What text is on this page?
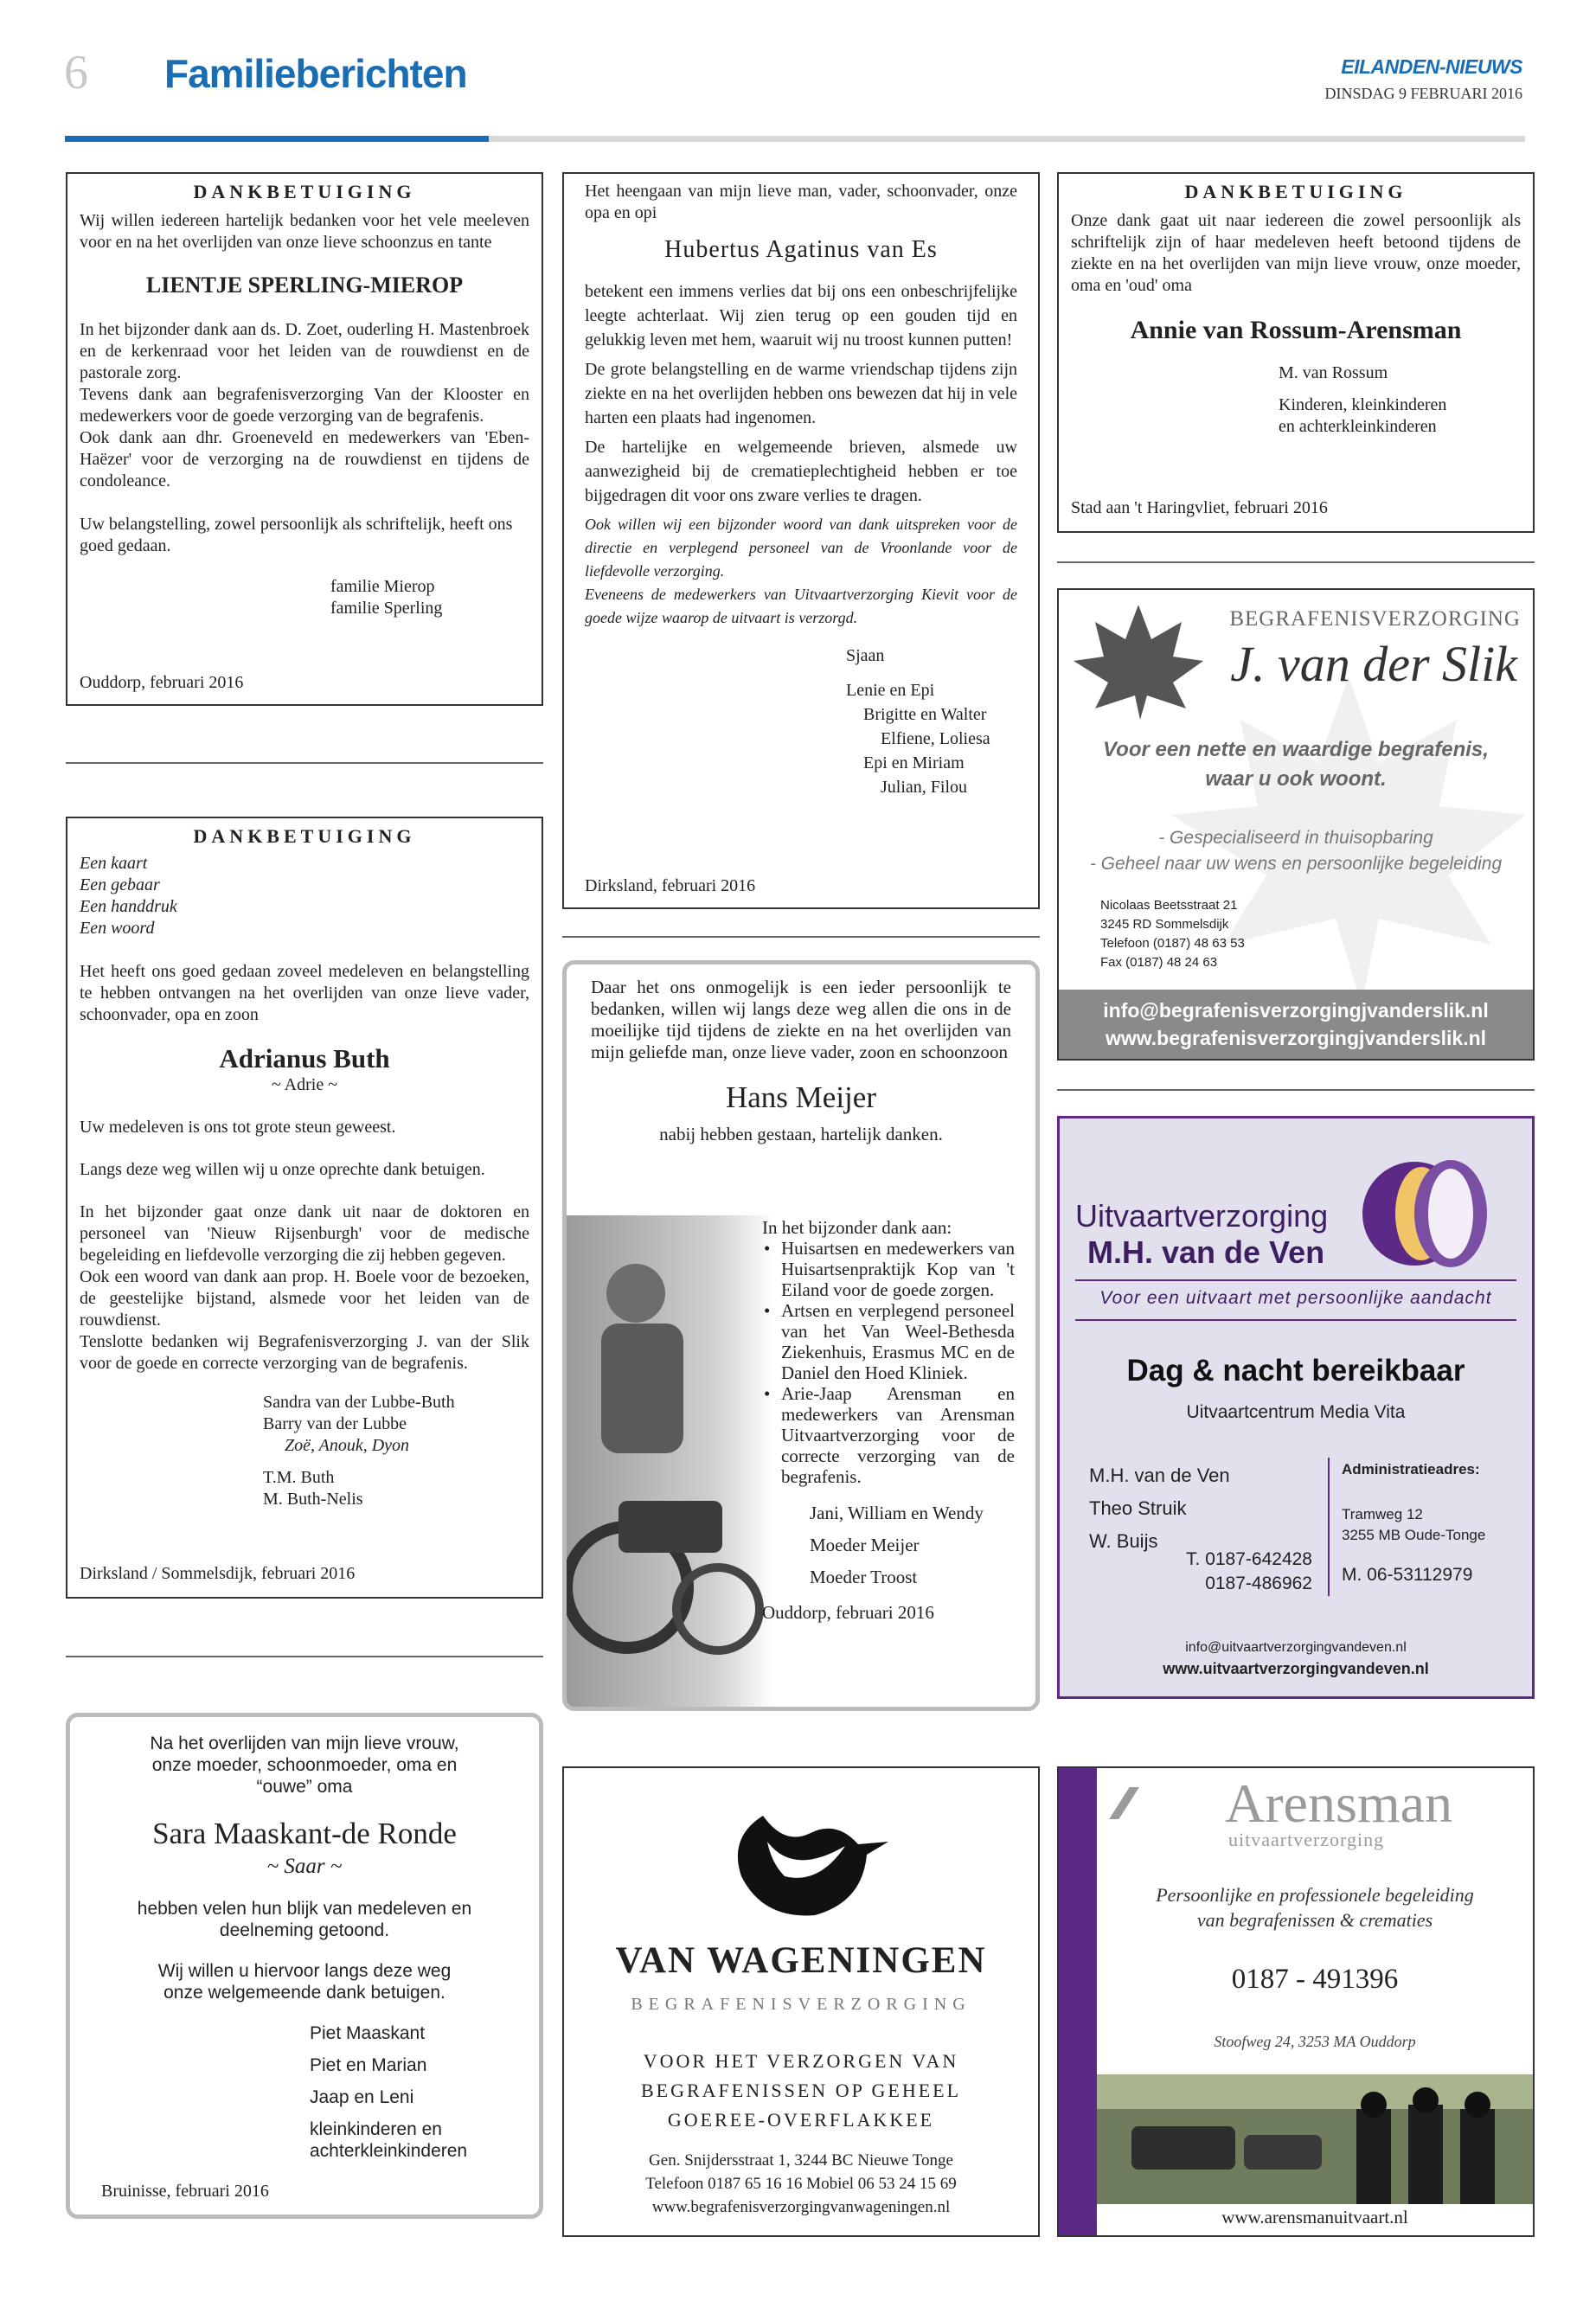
6 Familieberichten	EILANDEN-NIEUWS
DINSDAG 9 FEBRUARI 2016
DANKBETUIGING
Wij willen iedereen hartelijk bedanken voor het vele meeleven voor en na het overlijden van onze lieve schoonzus en tante
LIENTJE SPERLING-MIEROP

In het bijzonder dank aan ds. D. Zoet, ouderling H. Mastenbroek en de kerkenraad voor het leiden van de rouwdienst en de pastorale zorg.

Tevens dank aan begrafenisverzorging Van der Klooster en medewerkers voor de goede verzorging van de begrafenis.

Ook dank aan dhr. Groeneveld en medewerkers van 'Eben-Haëzer' voor de verzorging na de rouwdienst en tijdens de condoleance.

Uw belangstelling, zowel persoonlijk als schriftelijk, heeft ons goed gedaan.
familie Mierop
familie Sperling
Ouddorp, februari 2016
DANKBETUIGING
Een kaart
Een gebaar
Een handdruk
Een woord
Het heeft ons goed gedaan zoveel medeleven en belangstelling te hebben ontvangen na het overlijden van onze lieve vader, schoonvader, opa en zoon
Adrianus Buth
~ Adrie ~
Uw medeleven is ons tot grote steun geweest.
Langs deze weg willen wij u onze oprechte dank betuigen.

In het bijzonder gaat onze dank uit naar de doktoren en personeel van 'Nieuw Rijsenburgh' voor de medische begeleiding en liefdevolle verzorging die zij hebben gegeven.

Ook een woord van dank aan prop. H. Boele voor de bezoeken, de geestelijke bijstand, alsmede voor het leiden van de rouwdienst.

Tenslotte bedanken wij Begrafenisverzorging J. van der Slik voor de goede en correcte verzorging van de begrafenis.

Sandra van der Lubbe-Buth
Barry van der Lubbe
Zoë, Anouk, Dyon
T.M. Buth
M. Buth-Nelis
Dirksland / Sommelsdijk, februari 2016
Na het overlijden van mijn lieve vrouw,
onze moeder, schoonmoeder, oma en
“ouwe” oma
Sara Maaskant-de Ronde
~ Saar ~
hebben velen hun blijk van medeleven en
deelneming getoond.
Wij willen u hiervoor langs deze weg
onze welgemeende dank betuigen.
Piet Maaskant
Piet en Marian
Jaap en Leni
kleinkinderen en
achterkleinkinderen
Bruinisse, februari 2016
Het heengaan van mijn lieve man, vader, schoonvader, onze opa en opi
Hubertus Agatinus van Es
betekent een immens verlies dat bij ons een onbeschrijfelijke leegte achterlaat. Wij zien terug op een gouden tijd en gelukkig leven met hem, waaruit wij nu troost kunnen putten!
De grote belangstelling en de warme vriendschap tijdens zijn ziekte en na het overlijden hebben ons bewezen dat hij in vele harten een plaats had ingenomen.
De hartelijke en welgemeende brieven, alsmede uw aanwezigheid bij de crematieplechtigheid hebben er toe bijgedragen dit voor ons zware verlies te dragen.
Ook willen wij een bijzonder woord van dank uitspreken voor de directie en verplegend personeel van de Vroonlande voor de liefdevolle verzorging.
Eveneens de medewerkers van Uitvaartverzorging Kievit voor de goede wijze waarop de uitvaart is verzorgd.
Sjaan
Lenie en Epi
Brigitte en Walter
Elfiene, Loliesa
Epi en Miriam
Julian, Filou
Dirksland, februari 2016
Daar het ons onmogelijk is een ieder persoonlijk te bedanken, willen wij langs deze weg allen die ons in de moeilijke tijd tijdens de ziekte en na het overlijden van mijn geliefde man, onze lieve vader, zoon en schoonzoon
Hans Meijer
nabij hebben gestaan, hartelijk danken.
In het bijzonder dank aan:
• Huisartsen en medewerkers van Huisartsenpraktijk Kop van 't Eiland voor de goede zorgen.
• Artsen en verplegend personeel van het Van Weel-Bethesda Ziekenhuis, Erasmus MC en de Daniel den Hoed Kliniek.
• Arie-Jaap Arensman en medewerkers van Arensman Uitvaartverzorging voor de correcte verzorging van de begrafenis.
Jani, William en Wendy
Moeder Meijer
Moeder Troost
Ouddorp, februari 2016
VAN WAGENINGEN
BEGRAFENISVERZORGING
VOOR HET VERZORGEN VAN
BEGRAFENISSEN OP GEHEEL
GOEREE-OVERFLAKKEE
Gen. Snijdersstraat 1, 3244 BC Nieuwe Tonge
Telefoon 0187 65 16 16 Mobiel 06 53 24 15 69
www.begrafenisverzorgingvanwageningen.nl
DANKBETUIGING
Onze dank gaat uit naar iedereen die zowel persoonlijk als schriftelijk zijn of haar medeleven heeft betoond tijdens de ziekte en na het overlijden van mijn lieve vrouw, onze moeder, oma en 'oud' oma
Annie van Rossum-Arensman
M. van Rossum
Kinderen, kleinkinderen
en achterkleinkinderen
Stad aan 't Haringvliet, februari 2016
BEGRAFENISVERZORGING
J. van der Slik
Voor een nette en waardige begrafenis,
waar u ook woont.
- Gespecialiseerd in thuisopbaring
- Geheel naar uw wens en persoonlijke begeleiding
Nicolaas Beetsstraat 21
3245 RD Sommelsdijk
Telefoon (0187) 48 63 53
Fax (0187) 48 24 63
info@begrafenisverzorgingjvanderslik.nl
www.begrafenisverzorgingjvanderslik.nl
Uitvaartverzorging
M.H. van de Ven
Voor een uitvaart met persoonlijke aandacht
Dag & nacht bereikbaar
Uitvaartcentrum Media Vita
M.H. van de Ven
Theo Struik
W. Buijs
T. 0187-642428
0187-486962
Administratieadres:
Tramweg 12
3255 MB Oude-Tonge
M. 06-53112979
info@uitvaartverzorgingvandeven.nl
www.uitvaartverzorgingvandeven.nl
⁄⁄⁄ Arensman
uitvaartverzorging
Persoonlijke en professionele begeleiding
van begrafenissen & crematies
0187 - 491396
Stoofweg 24, 3253 MA Ouddorp
www.arensmanuitvaart.nl
